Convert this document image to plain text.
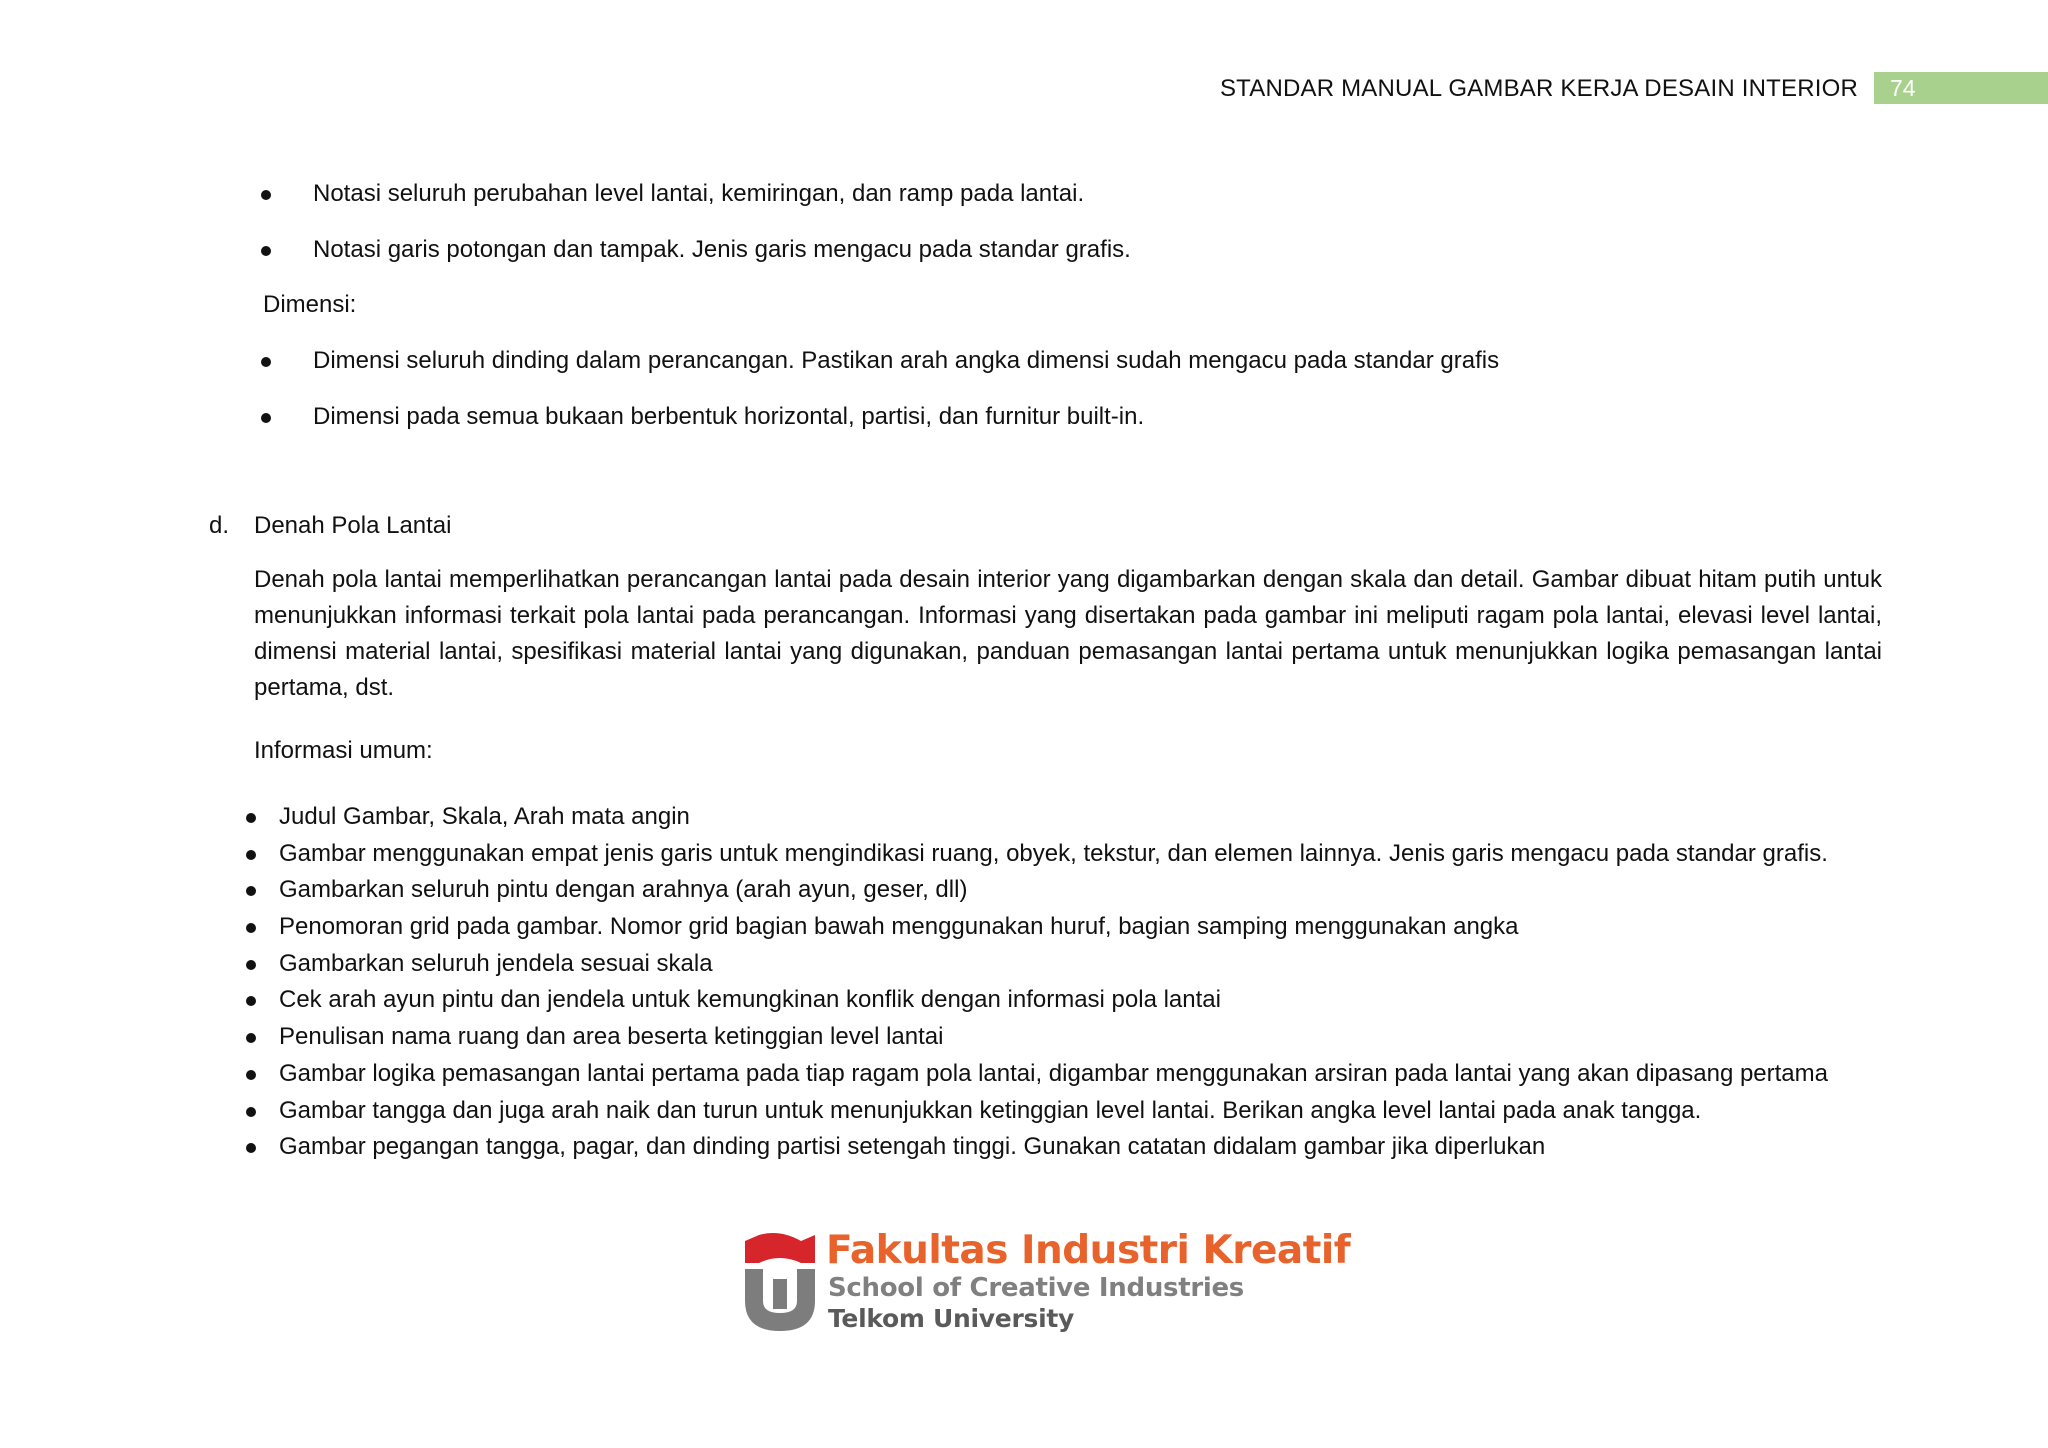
STANDAR MANUAL GAMBAR KERJA DESAIN INTERIOR	74
Notasi seluruh perubahan level lantai, kemiringan, dan ramp pada lantai.
Notasi garis potongan dan tampak. Jenis garis mengacu pada standar grafis.
Dimensi:
Dimensi seluruh dinding dalam perancangan. Pastikan arah angka dimensi sudah mengacu pada standar grafis
Dimensi pada semua bukaan berbentuk horizontal, partisi, dan furnitur built-in.
d. Denah Pola Lantai
Denah pola lantai memperlihatkan perancangan lantai pada desain interior yang digambarkan dengan skala dan detail. Gambar dibuat hitam putih untuk menunjukkan informasi terkait pola lantai pada perancangan. Informasi yang disertakan pada gambar ini meliputi ragam pola lantai, elevasi level lantai, dimensi material lantai, spesifikasi material lantai yang digunakan, panduan pemasangan lantai pertama untuk menunjukkan logika pemasangan lantai pertama, dst.
Informasi umum:
Judul Gambar, Skala, Arah mata angin
Gambar menggunakan empat jenis garis untuk mengindikasi ruang, obyek, tekstur, dan elemen lainnya. Jenis garis mengacu pada standar grafis.
Gambarkan seluruh pintu dengan arahnya (arah ayun, geser, dll)
Penomoran grid pada gambar. Nomor grid bagian bawah menggunakan huruf, bagian samping menggunakan angka
Gambarkan seluruh jendela sesuai skala
Cek arah ayun pintu dan jendela untuk kemungkinan konflik dengan informasi pola lantai
Penulisan nama ruang dan area beserta ketinggian level lantai
Gambar logika pemasangan lantai pertama pada tiap ragam pola lantai, digambar menggunakan arsiran pada lantai yang akan dipasang pertama
Gambar tangga dan juga arah naik dan turun untuk menunjukkan ketinggian level lantai. Berikan angka level lantai pada anak tangga.
Gambar pegangan tangga, pagar, dan dinding partisi setengah tinggi. Gunakan catatan didalam gambar jika diperlukan
Fakultas Industri Kreatif
School of Creative Industries
Telkom University
